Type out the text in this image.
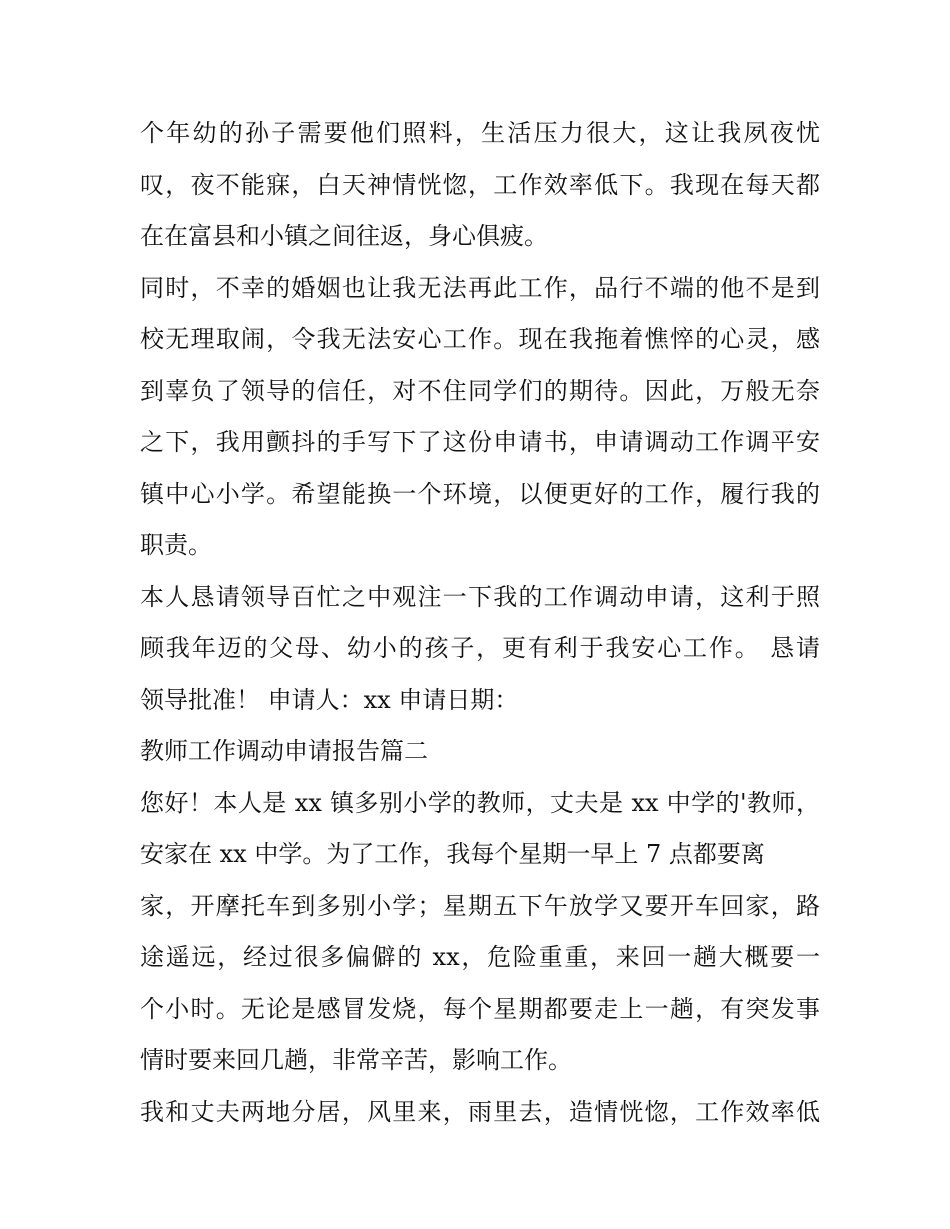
个年幼的孙子需要他们照料，生活压力很大，这让我夙夜忧
叹，夜不能寐，白天神情恍惚，工作效率低下。我现在每天都
在在富县和小镇之间往返，身心俱疲。
同时，不幸的婚姻也让我无法再此工作，品行不端的他不是到
校无理取闹，令我无法安心工作。现在我拖着憔悴的心灵，感
到辜负了领导的信任，对不住同学们的期待。因此，万般无奈
之下，我用颤抖的手写下了这份申请书，申请调动工作调平安
镇中心小学。希望能换一个环境，以便更好的工作，履行我的
职责。
本人恳请领导百忙之中观注一下我的工作调动申请，这利于照
顾我年迈的父母、幼小的孩子，更有利于我安心工作。 恳请
领导批准！ 申请人：xx 申请日期：
教师工作调动申请报告篇二
您好！本人是 xx 镇多别小学的教师，丈夫是 xx 中学的'教师，
安家在 xx 中学。为了工作，我每个星期一早上 7 点都要离
家，开摩托车到多别小学；星期五下午放学又要开车回家，路
途遥远，经过很多偏僻的 xx，危险重重，来回一趟大概要一
个小时。无论是感冒发烧，每个星期都要走上一趟，有突发事
情时要来回几趟，非常辛苦，影响工作。
我和丈夫两地分居，风里来，雨里去，造情恍惚，工作效率低
